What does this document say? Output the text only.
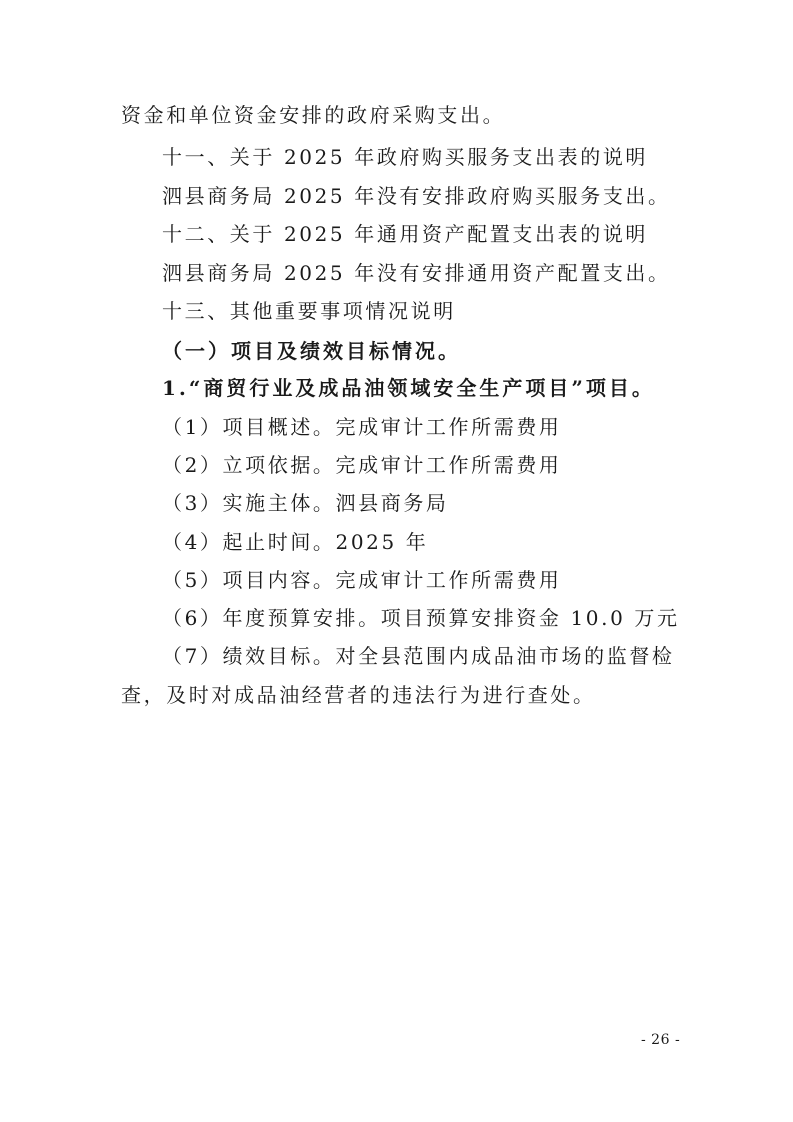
资金和单位资金安排的政府采购支出。
十一、关于 2025 年政府购买服务支出表的说明
泗县商务局 2025 年没有安排政府购买服务支出。
十二、关于 2025 年通用资产配置支出表的说明
泗县商务局 2025 年没有安排通用资产配置支出。
十三、其他重要事项情况说明
（一）项目及绩效目标情况。
1.“商贸行业及成品油领域安全生产项目”项目。
（1）项目概述。完成审计工作所需费用
（2）立项依据。完成审计工作所需费用
（3）实施主体。泗县商务局
（4）起止时间。2025 年
（5）项目内容。完成审计工作所需费用
（6）年度预算安排。项目预算安排资金 10.0 万元
（7）绩效目标。对全县范围内成品油市场的监督检
查，及时对成品油经营者的违法行为进行查处。
- 26 -
